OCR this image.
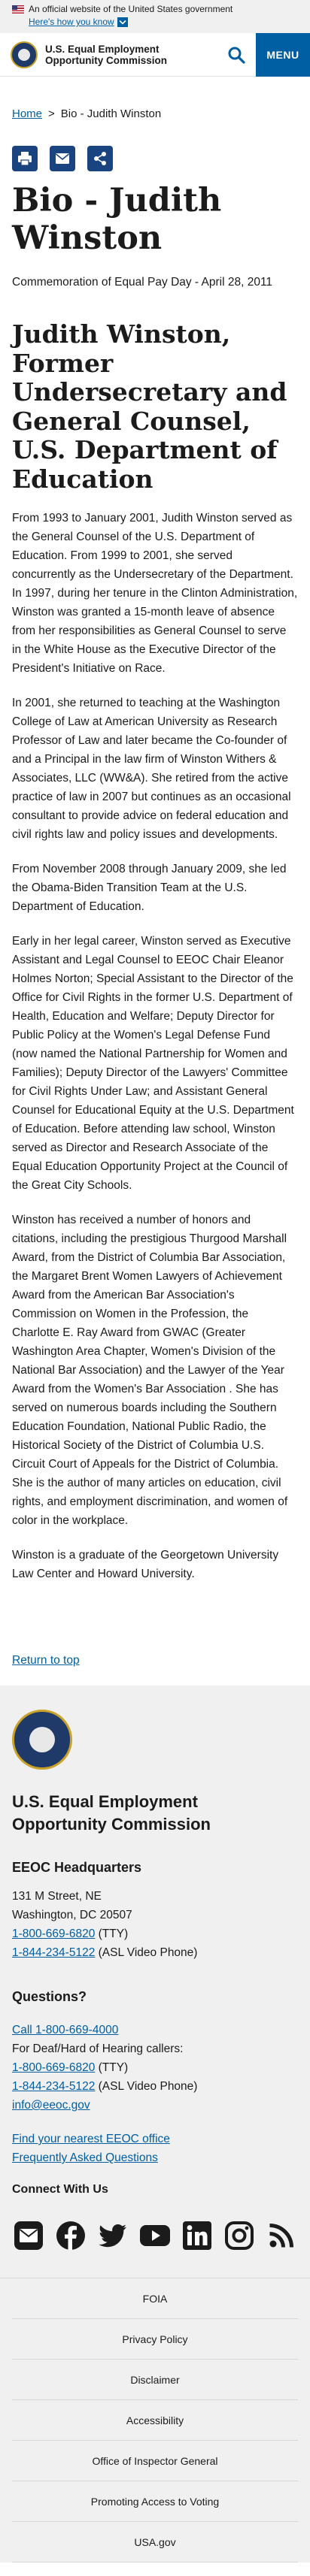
An official website of the United States government
Here's how you know
U.S. Equal Employment
Opportunity Commission	MENU
Home > Bio - Judith Winston
Bio - Judith Winston

Commemoration of Equal Pay Day - April 28, 2011

Judith Winston, Former Undersecretary and General Counsel, U.S. Department of Education

From 1993 to January 2001, Judith Winston served as the General Counsel of the U.S. Department of Education. From 1999 to 2001, she served concurrently as the Undersecretary of the Department. In 1997, during her tenure in the Clinton Administration, Winston was granted a 15-month leave of absence from her responsibilities as General Counsel to serve in the White House as the Executive Director of the President's Initiative on Race.

In 2001, she returned to teaching at the Washington College of Law at American University as Research Professor of Law and later became the Co-founder of and a Principal in the law firm of Winston Withers & Associates, LLC (WW&A). She retired from the active practice of law in 2007 but continues as an occasional consultant to provide advice on federal education and civil rights law and policy issues and developments.

From November 2008 through January 2009, she led the Obama-Biden Transition Team at the U.S. Department of Education.

Early in her legal career, Winston served as Executive Assistant and Legal Counsel to EEOC Chair Eleanor Holmes Norton; Special Assistant to the Director of the Office for Civil Rights in the former U.S. Department of Health, Education and Welfare; Deputy Director for Public Policy at the Women's Legal Defense Fund (now named the National Partnership for Women and Families); Deputy Director of the Lawyers' Committee for Civil Rights Under Law; and Assistant General Counsel for Educational Equity at the U.S. Department of Education. Before attending law school, Winston served as Director and Research Associate of the Equal Education Opportunity Project at the Council of the Great City Schools.

Winston has received a number of honors and citations, including the prestigious Thurgood Marshall Award, from the District of Columbia Bar Association, the Margaret Brent Women Lawyers of Achievement Award from the American Bar Association's Commission on Women in the Profession, the Charlotte E. Ray Award from GWAC (Greater Washington Area Chapter, Women's Division of the National Bar Association) and the Lawyer of the Year Award from the Women's Bar Association . She has served on numerous boards including the Southern Education Foundation, National Public Radio, the Historical Society of the District of Columbia U.S. Circuit Court of Appeals for the District of Columbia. She is the author of many articles on education, civil rights, and employment discrimination, and women of color in the workplace.

Winston is a graduate of the Georgetown University Law Center and Howard University.

Return to top
U.S. Equal Employment
Opportunity Commission
EEOC Headquarters
131 M Street, NE
Washington, DC 20507
1-800-669-6820 (TTY)
1-844-234-5122 (ASL Video Phone)
Questions?
Call 1-800-669-4000
For Deaf/Hard of Hearing callers:
1-800-669-6820 (TTY)
1-844-234-5122 (ASL Video Phone)
info@eeoc.gov
Find your nearest EEOC office
Frequently Asked Questions
Connect With Us
FOIA
Privacy Policy
Disclaimer
Accessibility
Office of Inspector General
Promoting Access to Voting
USA.gov
